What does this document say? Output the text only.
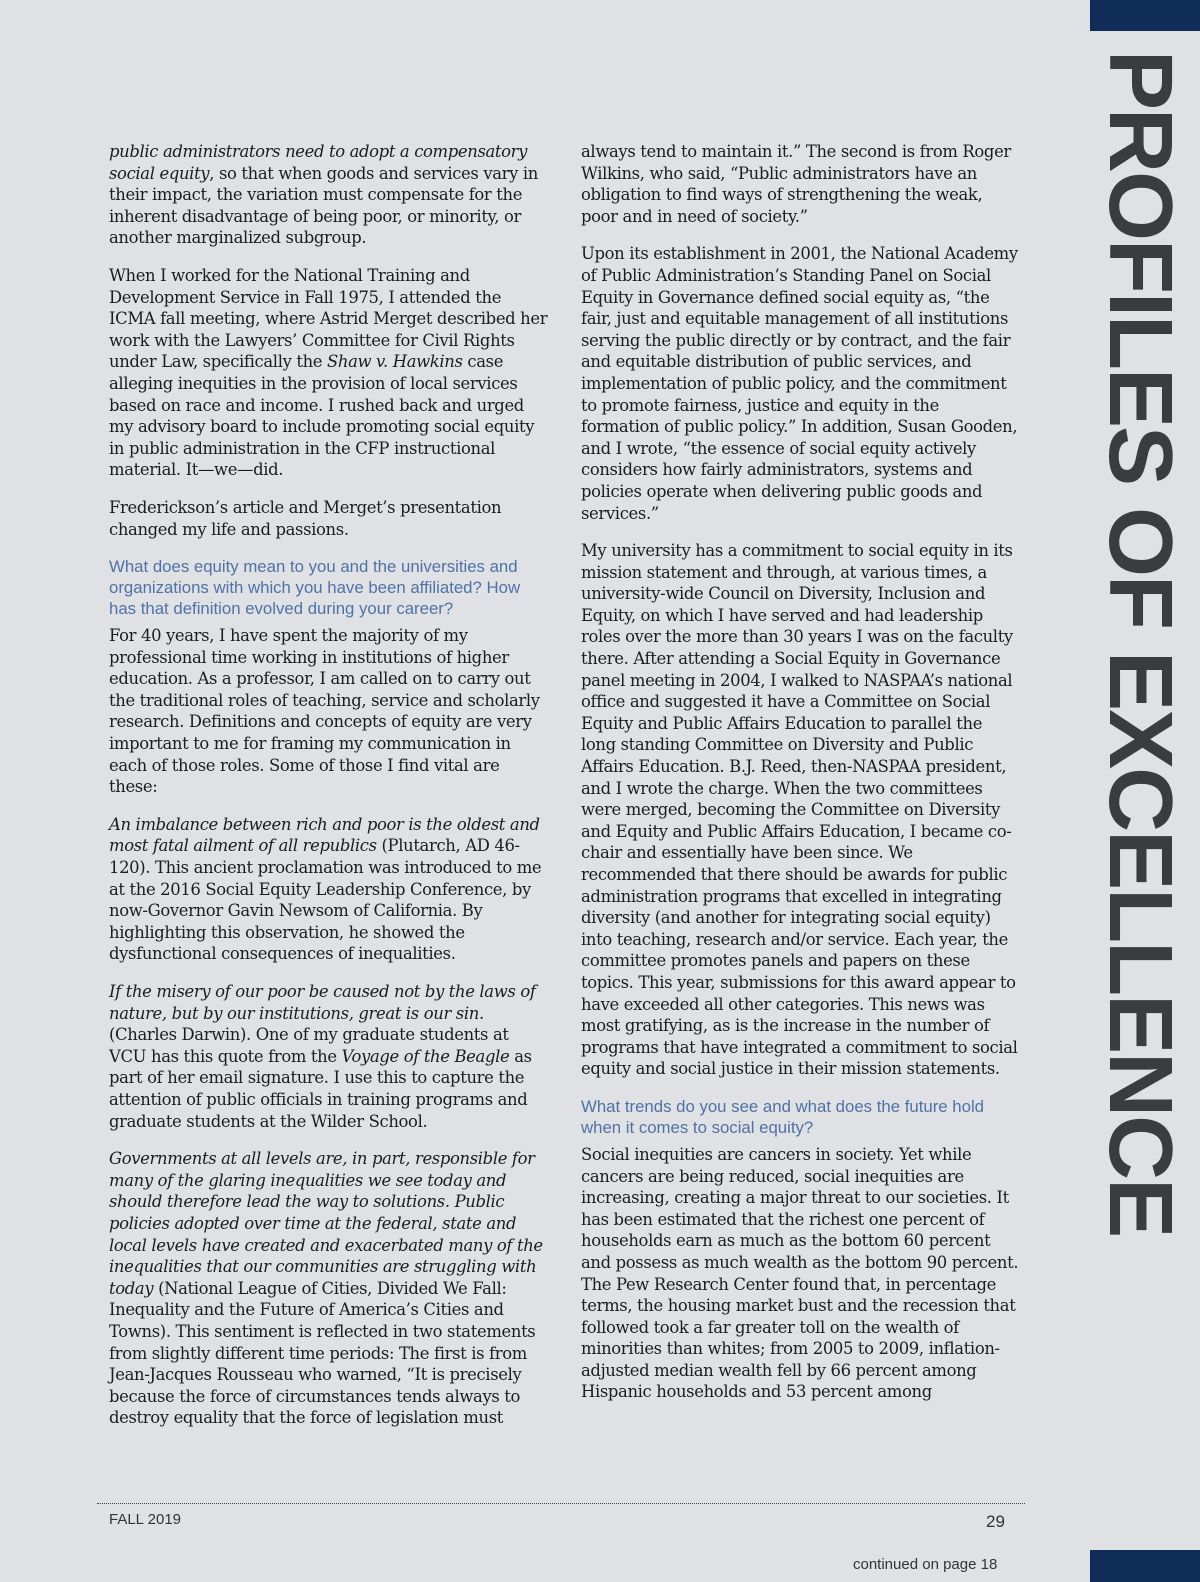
PROFILES OF EXCELLENCE

public administrators need to adopt a compensatory social equity, so that when goods and services vary in their impact, the variation must compensate for the inherent disadvantage of being poor, or minority, or another marginalized subgroup.

When I worked for the National Training and Development Service in Fall 1975, I attended the ICMA fall meeting, where Astrid Merget described her work with the Lawyers’ Committee for Civil Rights under Law, specifically the Shaw v. Hawkins case alleging inequities in the provision of local services based on race and income. I rushed back and urged my advisory board to include promoting social equity in public administration in the CFP instructional material. It—we—did.

Frederickson’s article and Merget’s presentation changed my life and passions.

What does equity mean to you and the universities and organizations with which you have been affiliated? How has that definition evolved during your career?

For 40 years, I have spent the majority of my professional time working in institutions of higher education. As a professor, I am called on to carry out the traditional roles of teaching, service and scholarly research. Definitions and concepts of equity are very important to me for framing my communication in each of those roles. Some of those I find vital are these:

An imbalance between rich and poor is the oldest and most fatal ailment of all republics (Plutarch, AD 46-120). This ancient proclamation was introduced to me at the 2016 Social Equity Leadership Conference, by now-Governor Gavin Newsom of California. By highlighting this observation, he showed the dysfunctional consequences of inequalities.

If the misery of our poor be caused not by the laws of nature, but by our institutions, great is our sin. (Charles Darwin). One of my graduate students at VCU has this quote from the Voyage of the Beagle as part of her email signature. I use this to capture the attention of public officials in training programs and graduate students at the Wilder School.

Governments at all levels are, in part, responsible for many of the glaring inequalities we see today and should therefore lead the way to solutions. Public policies adopted over time at the federal, state and local levels have created and exacerbated many of the inequalities that our communities are struggling with today (National League of Cities, Divided We Fall: Inequality and the Future of America’s Cities and Towns). This sentiment is reflected in two statements from slightly different time periods: The first is from Jean-Jacques Rousseau who warned, “It is precisely because the force of circumstances tends always to destroy equality that the force of legislation must

always tend to maintain it.” The second is from Roger Wilkins, who said, “Public administrators have an obligation to find ways of strengthening the weak, poor and in need of society.”

Upon its establishment in 2001, the National Academy of Public Administration’s Standing Panel on Social Equity in Governance defined social equity as, “the fair, just and equitable management of all institutions serving the public directly or by contract, and the fair and equitable distribution of public services, and implementation of public policy, and the commitment to promote fairness, justice and equity in the formation of public policy.” In addition, Susan Gooden, and I wrote, “the essence of social equity actively considers how fairly administrators, systems and policies operate when delivering public goods and services.”

My university has a commitment to social equity in its mission statement and through, at various times, a university-wide Council on Diversity, Inclusion and Equity, on which I have served and had leadership roles over the more than 30 years I was on the faculty there. After attending a Social Equity in Governance panel meeting in 2004, I walked to NASPAA’s national office and suggested it have a Committee on Social Equity and Public Affairs Education to parallel the long standing Committee on Diversity and Public Affairs Education. B.J. Reed, then-NASPAA president, and I wrote the charge. When the two committees were merged, becoming the Committee on Diversity and Equity and Public Affairs Education, I became co-chair and essentially have been since. We recommended that there should be awards for public administration programs that excelled in integrating diversity (and another for integrating social equity) into teaching, research and/or service. Each year, the committee promotes panels and papers on these topics. This year, submissions for this award appear to have exceeded all other categories. This news was most gratifying, as is the increase in the number of programs that have integrated a commitment to social equity and social justice in their mission statements.

What trends do you see and what does the future hold when it comes to social equity?

Social inequities are cancers in society. Yet while cancers are being reduced, social inequities are increasing, creating a major threat to our societies. It has been estimated that the richest one percent of households earn as much as the bottom 60 percent and possess as much wealth as the bottom 90 percent. The Pew Research Center found that, in percentage terms, the housing market bust and the recession that followed took a far greater toll on the wealth of minorities than whites; from 2005 to 2009, inflation-adjusted median wealth fell by 66 percent among Hispanic households and 53 percent among

FALL 2019	29
continued on page 18
